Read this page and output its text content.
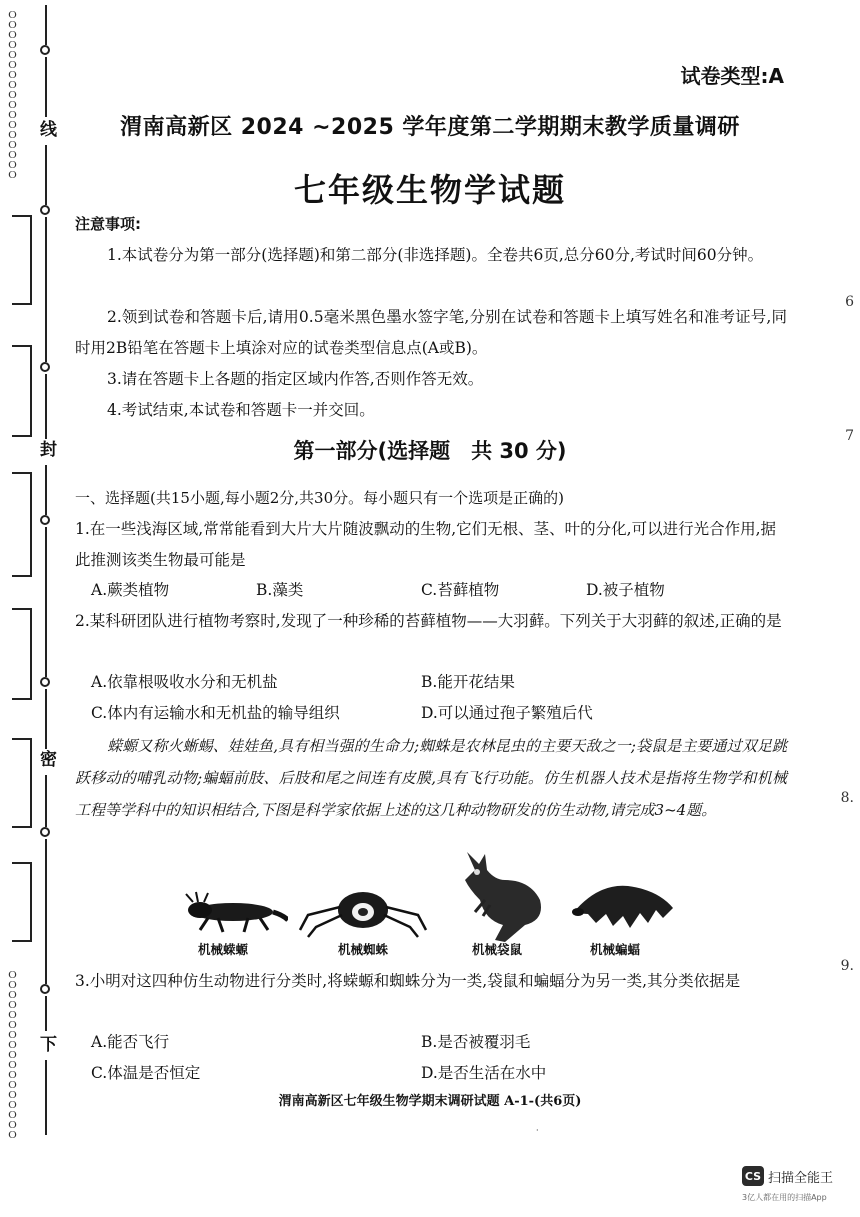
ｏｏｏｏｏｏｏｏｏｏｏｏｏｏｏｏｏ
线
封
密
ｏｏｏｏｏｏｏｏｏｏｏｏｏｏｏｏｏ
下
试卷类型:A
渭南高新区 2024 ~2025 学年度第二学期期末教学质量调研
七年级生物学试题
注意事项:
1.本试卷分为第一部分(选择题)和第二部分(非选择题)。全卷共6页,总分60分,考试时间60分钟。
2.领到试卷和答题卡后,请用0.5毫米黑色墨水签字笔,分别在试卷和答题卡上填写姓名和准考证号,同时用2B铅笔在答题卡上填涂对应的试卷类型信息点(A或B)。
3.请在答题卡上各题的指定区域内作答,否则作答无效。
4.考试结束,本试卷和答题卡一并交回。
第一部分(选择题　共 30 分)
一、选择题(共15小题,每小题2分,共30分。每小题只有一个选项是正确的)
1.在一些浅海区域,常常能看到大片大片随波飘动的生物,它们无根、茎、叶的分化,可以进行光合作用,据此推测该类生物最可能是
A.蕨类植物	B.藻类	C.苔藓植物	D.被子植物
2.某科研团队进行植物考察时,发现了一种珍稀的苔藓植物——大羽藓。下列关于大羽藓的叙述,正确的是
A.依靠根吸收水分和无机盐	B.能开花结果
C.体内有运输水和无机盐的输导组织	D.可以通过孢子繁殖后代
蝾螈又称火蜥蜴、娃娃鱼,具有相当强的生命力;蜘蛛是农林昆虫的主要天敌之一;袋鼠是主要通过双足跳跃移动的哺乳动物;蝙蝠前肢、后肢和尾之间连有皮膜,具有飞行功能。仿生机器人技术是指将生物学和机械工程等学科中的知识相结合,下图是科学家依据上述的这几种动物研发的仿生动物,请完成3~4题。
机械蝾螈	机械蜘蛛	机械袋鼠	机械蝙蝠
3.小明对这四种仿生动物进行分类时,将蝾螈和蜘蛛分为一类,袋鼠和蝙蝠分为另一类,其分类依据是
A.能否飞行	B.是否被覆羽毛
C.体温是否恒定	D.是否生活在水中
渭南高新区七年级生物学期末调研试题 A-1-(共6页)
·
6
7
8.
9.
CS 扫描全能王
3亿人都在用的扫描App
